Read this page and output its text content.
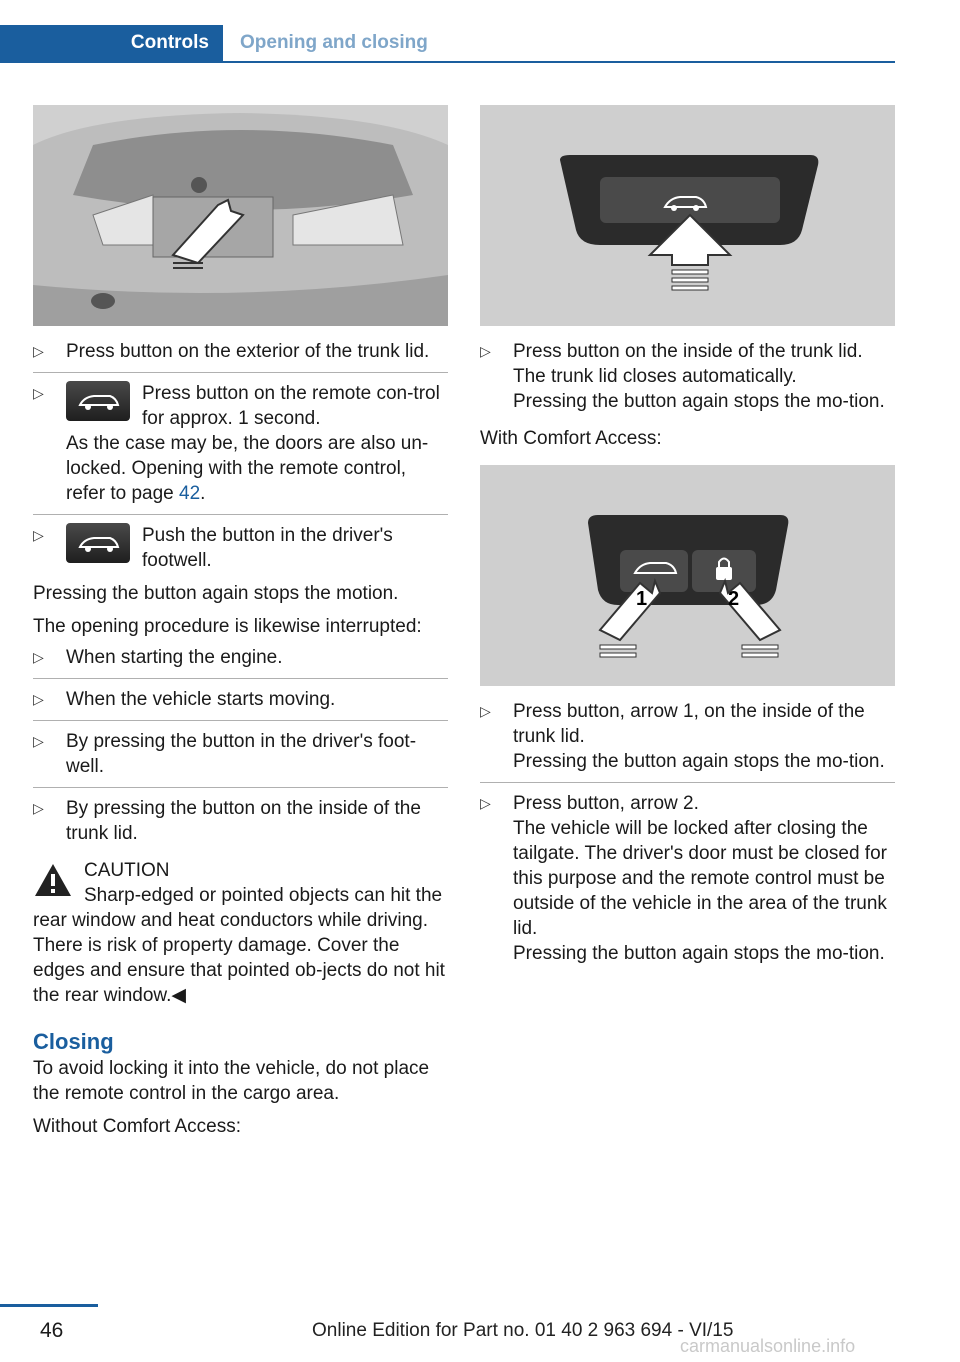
Controls	Opening and closing
▷ Press button on the exterior of the trunk lid.

▷	Press button on the remote con-trol for approx. 1 second.

As the case may be, the doors are also un-locked. Opening with the remote control, refer to page 42.

▷	Push the button in the driver's footwell.

Pressing the button again stops the motion.

The opening procedure is likewise interrupted:

▷ When starting the engine.

▷ When the vehicle starts moving.

▷ By pressing the button in the driver's foot-well.

▷ By pressing the button on the inside of the trunk lid.

CAUTION

Sharp-edged or pointed objects can hit the rear window and heat conductors while driving. There is risk of property damage. Cover the edges and ensure that pointed ob-jects do not hit the rear window.◀

Closing

To avoid locking it into the vehicle, do not place the remote control in the cargo area.

Without Comfort Access:

▷ Press button on the inside of the trunk lid.

The trunk lid closes automatically.

Pressing the button again stops the mo-tion.

With Comfort Access:

1	2
▷ Press button, arrow 1, on the inside of the trunk lid.

Pressing the button again stops the mo-tion.

▷ Press button, arrow 2.

The vehicle will be locked after closing the tailgate. The driver's door must be closed for this purpose and the remote control must be outside of the vehicle in the area of the trunk lid.

Pressing the button again stops the mo-tion.

46	Online Edition for Part no. 01 40 2 963 694 - VI/15
carmanualsonline.info
